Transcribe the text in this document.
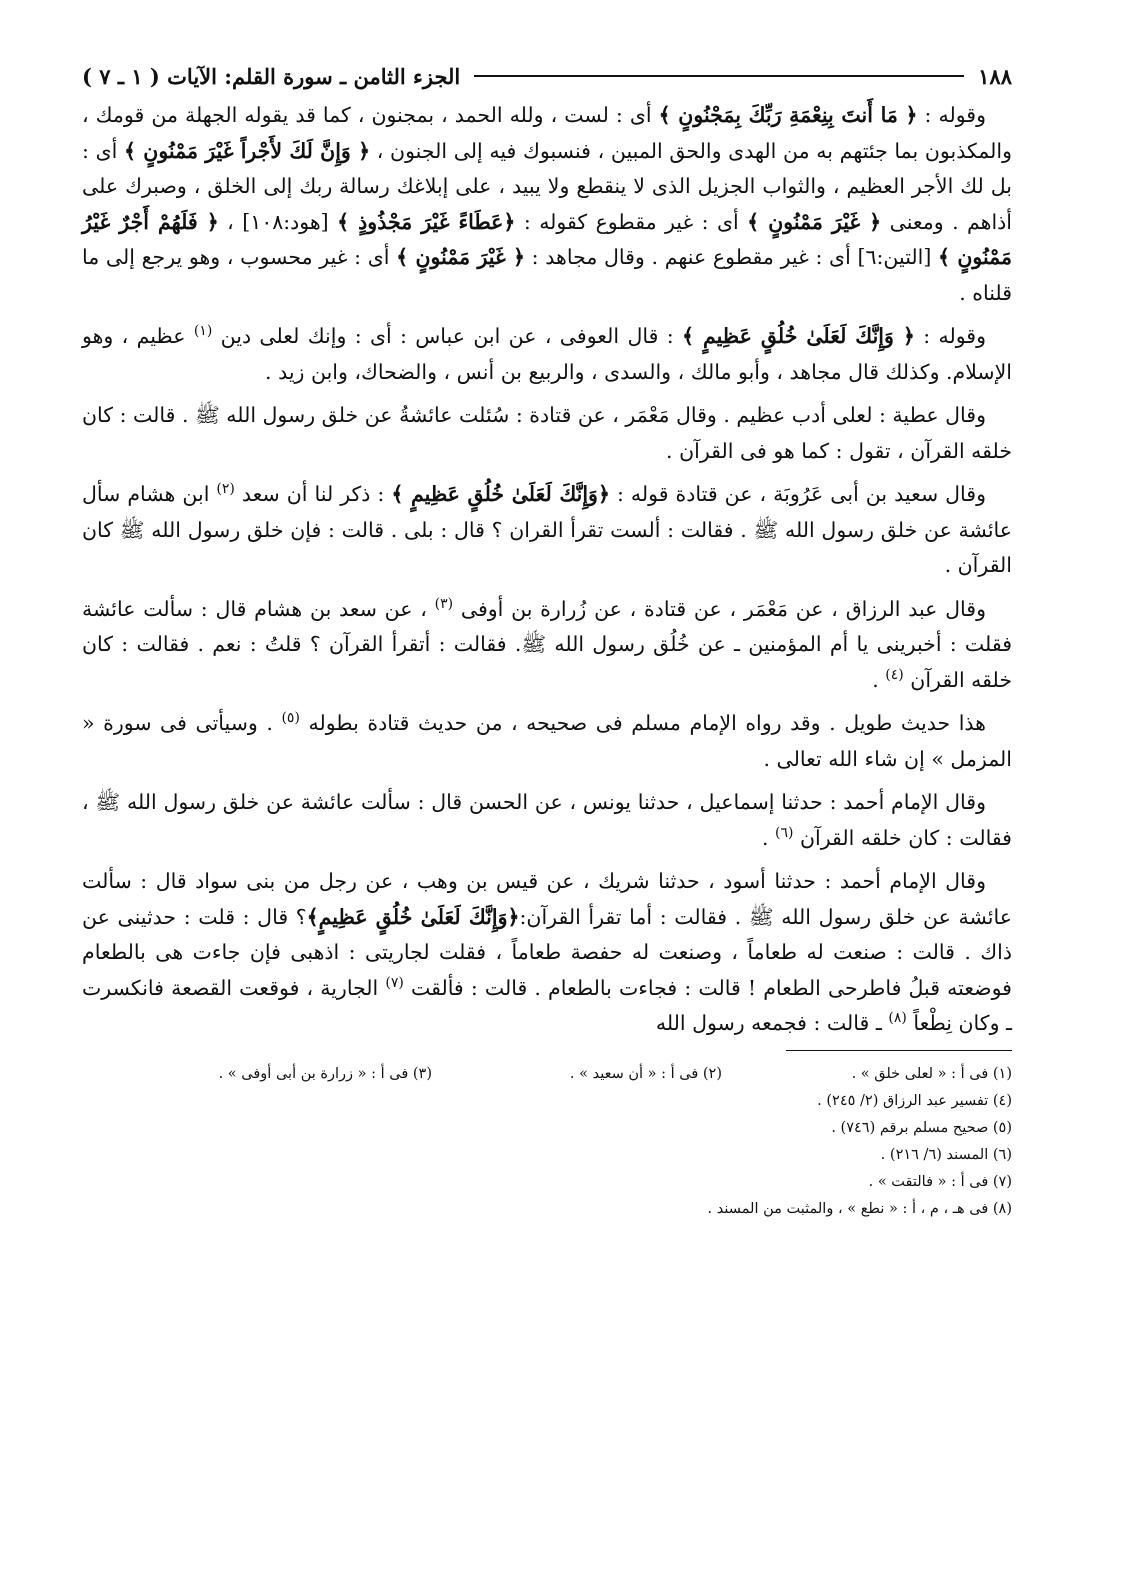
١٨٨
الجزء الثامن ـ سورة القلم: الآيات ( ١ ـ ٧ )

وقوله : ﴿ مَا أَنتَ بِنِعْمَةِ رَبِّكَ بِمَجْنُونٍ ﴾ أى : لست ، ولله الحمد ، بمجنون ، كما قد يقوله الجهلة من قومك ، والمكذبون بما جئتهم به من الهدى والحق المبين ، فنسبوك فيه إلى الجنون ، ﴿ وَإِنَّ لَكَ لأَجْراً غَيْرَ مَمْنُونٍ ﴾ أى : بل لك الأجر العظيم ، والثواب الجزيل الذى لا ينقطع ولا يبيد ، على إبلاغك رسالة ربك إلى الخلق ، وصبرك على أذاهم . ومعنى ﴿ غَيْرَ مَمْنُونٍ ﴾ أى : غير مقطوع كقوله : ﴿عَطَاءً غَيْرَ مَجْذُوذٍ ﴾ [هود:١٠٨] ، ﴿ فَلَهُمْ أَجْرٌ غَيْرُ مَمْنُونٍ ﴾ [التين:٦] أى : غير مقطوع عنهم . وقال مجاهد : ﴿ غَيْرَ مَمْنُونٍ ﴾ أى : غير محسوب ، وهو يرجع إلى ما قلناه .

وقوله : ﴿ وَإِنَّكَ لَعَلَىٰ خُلُقٍ عَظِيمٍ ﴾ : قال العوفى ، عن ابن عباس : أى : وإنك لعلى دين $^{(١)}$ عظيم ، وهو الإسلام. وكذلك قال مجاهد ، وأبو مالك ، والسدى ، والربيع بن أنس ، والضحاك، وابن زيد .

وقال عطية : لعلى أدب عظيم . وقال مَعْمَر ، عن قتادة : سُئلت عائشةُ عن خلق رسول الله ﷺ . قالت : كان خلقه القرآن ، تقول : كما هو فى القرآن .

وقال سعيد بن أبى عَرُوبَة ، عن قتادة قوله : ﴿وَإِنَّكَ لَعَلَىٰ خُلُقٍ عَظِيمٍ ﴾ : ذكر لنا أن سعد $^{(٢)}$ ابن هشام سأل عائشة عن خلق رسول الله ﷺ . فقالت : ألست تقرأ القران ؟ قال : بلى . قالت : فإن خلق رسول الله ﷺ كان القرآن .

وقال عبد الرزاق ، عن مَعْمَر ، عن قتادة ، عن زُرارة بن أوفى $^{(٣)}$ ، عن سعد بن هشام قال : سألت عائشة فقلت : أخبرينى يا أم المؤمنين ـ عن خُلُق رسول الله ﷺ. فقالت : أتقرأ القرآن ؟ قلتُ : نعم . فقالت : كان خلقه القرآن $^{(٤)}$ .

هذا حديث طويل . وقد رواه الإمام مسلم فى صحيحه ، من حديث قتادة بطوله $^{(٥)}$ . وسيأتى فى سورة « المزمل » إن شاء الله تعالى .

وقال الإمام أحمد : حدثنا إسماعيل ، حدثنا يونس ، عن الحسن قال : سألت عائشة عن خلق رسول الله ﷺ ، فقالت : كان خلقه القرآن $^{(٦)}$ .

وقال الإمام أحمد : حدثنا أسود ، حدثنا شريك ، عن قيس بن وهب ، عن رجل من بنى سواد قال : سألت عائشة عن خلق رسول الله ﷺ . فقالت : أما تقرأ القرآن:﴿وَإِنَّكَ لَعَلَىٰ خُلُقٍ عَظِيمٍ﴾؟ قال : قلت : حدثينى عن ذاك . قالت : صنعت له طعاماً ، وصنعت له حفصة طعاماً ، فقلت لجاريتى : اذهبى فإن جاءت هى بالطعام فوضعته قبلُ فاطرحى الطعام ! قالت : فجاءت بالطعام . قالت : فألقت $^{(٧)}$ الجارية ، فوقعت القصعة فانكسرت ـ وكان نِطْعاً $^{(٨)}$ ـ قالت : فجمعه رسول الله

(١) فى أ : « لعلى خلق » .
(٢) فى أ : « أن سعيد » .
(٣) فى أ : « زرارة بن أبى أوفى » .
(٤) تفسير عبد الرزاق (٢/ ٢٤٥) .
(٥) صحيح مسلم برقم (٧٤٦) .
(٦) المسند (٦/ ٢١٦) .
(٧) فى أ : « فالتقت » .
(٨) فى هـ ، م ، أ : « نطع » ، والمثبت من المسند .
